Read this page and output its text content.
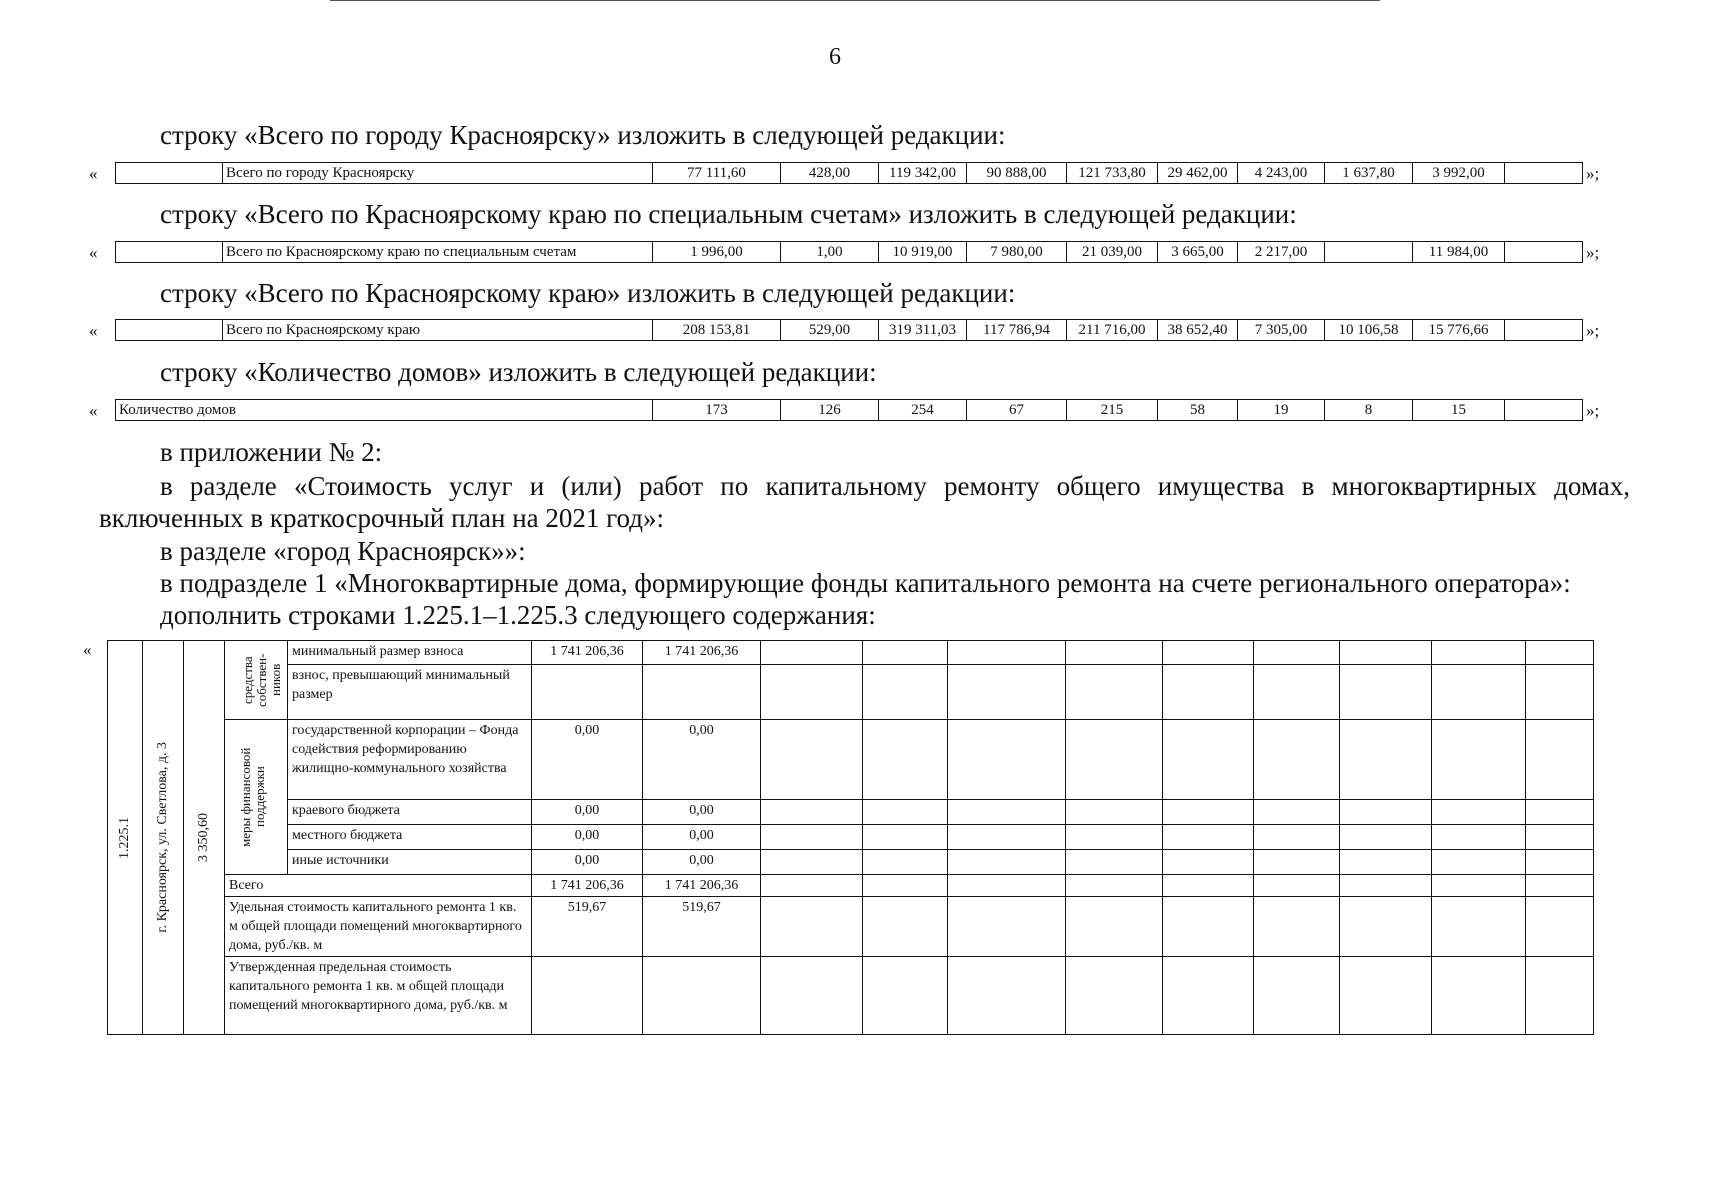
6
строку «Всего по городу Красноярску» изложить в следующей редакции:
«
		Всего по городу Красноярску	77 111,60	428,00	119 342,00	90 888,00	121 733,80	29 462,00	4 243,00	1 637,80	3 992,00		»;
строку «Всего по Красноярскому краю по специальным счетам» изложить в следующей редакции:
«
		Всего по Красноярскому краю по специальным счетам	1 996,00	1,00	10 919,00	7 980,00	21 039,00	3 665,00	2 217,00		11 984,00		»;
строку «Всего по Красноярскому краю» изложить в следующей редакции:
«
		Всего по Красноярскому краю	208 153,81	529,00	319 311,03	117 786,94	211 716,00	38 652,40	7 305,00	10 106,58	15 776,66		»;
строку «Количество домов» изложить в следующей редакции:
« Количество домов	173	126	254	67	215	58	19	8	15		»;
в приложении № 2:
в разделе «Стоимость услуг и (или) работ по капитальному ремонту общего имущества в многоквартирных домах,
включенных в краткосрочный план на 2021 год»:
в разделе «город Красноярск»»:
в подразделе 1 «Многоквартирные дома, формирующие фонды капитального ремонта на счете регионального оператора»:
дополнить строками 1.225.1–1.225.3 следующего содержания:
«
1.225.1	г. Красноярск, ул. Светлова, д. 3	3 350,60	средства собствен-ников	минимальный размер взноса	1 741 206,36	1 741 206,36									
				взнос, превышающий минимальный размер											

			меры финансовой поддержки	государственной корпорации – Фонда содействия реформированию жилищно-коммунального хозяйства	0,00	0,00									
				краевого бюджета	0,00	0,00									
				местного бюджета	0,00	0,00									
				иные источники	0,00	0,00									
			Всего		1 741 206,36	1 741 206,36									
			Удельная стоимость капитального ремонта 1 кв. м общей площади помещений многоквартирного дома, руб./кв. м		519,67	519,67									
			Утвержденная предельная стоимость капитального ремонта 1 кв. м общей площади помещений многоквартирного дома, руб./кв. м												
